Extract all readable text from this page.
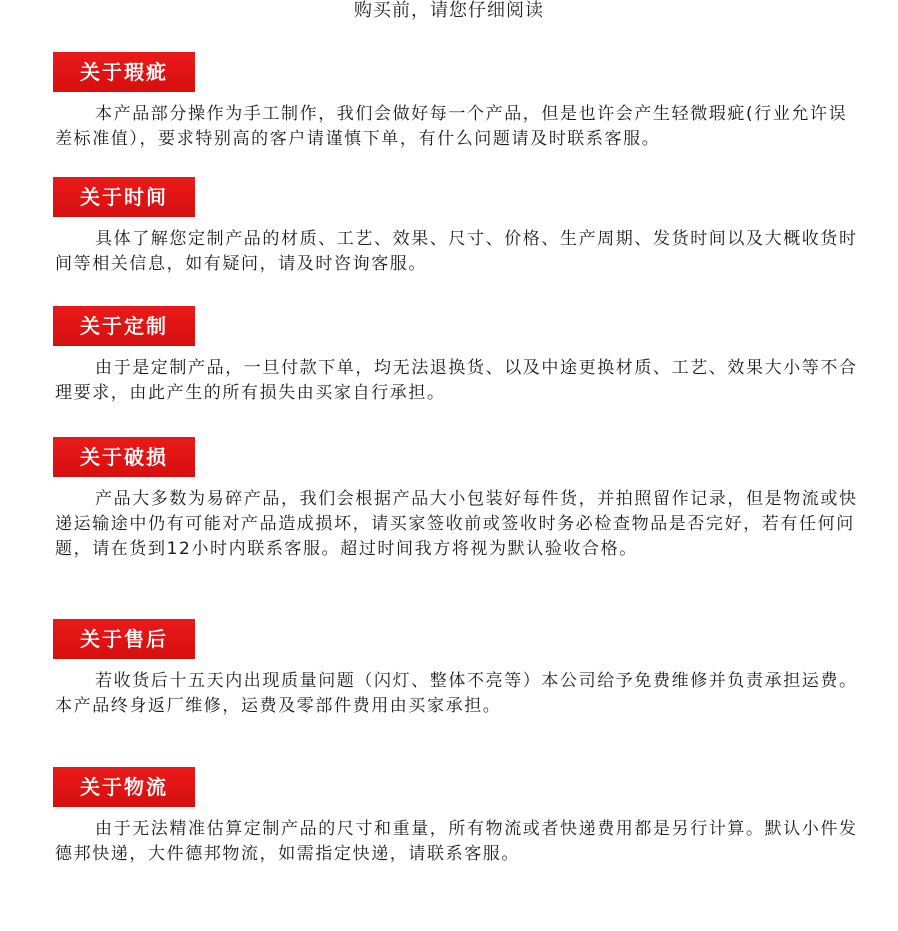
购买前，请您仔细阅读
关于瑕疵
本产品部分操作为手工制作，我们会做好每一个产品，但是也许会产生轻微瑕疵(行业允许误差标准值），要求特别高的客户请谨慎下单，有什么问题请及时联系客服。
关于时间
具体了解您定制产品的材质、工艺、效果、尺寸、价格、生产周期、发货时间以及大概收货时间等相关信息，如有疑问，请及时咨询客服。
关于定制
由于是定制产品，一旦付款下单，均无法退换货、以及中途更换材质、工艺、效果大小等不合理要求，由此产生的所有损失由买家自行承担。
关于破损
产品大多数为易碎产品，我们会根据产品大小包装好每件货，并拍照留作记录，但是物流或快递运输途中仍有可能对产品造成损坏，请买家签收前或签收时务必检查物品是否完好，若有任何问题，请在货到12小时内联系客服。超过时间我方将视为默认验收合格。
关于售后
若收货后十五天内出现质量问题（闪灯、整体不亮等）本公司给予免费维修并负责承担运费。本产品终身返厂维修，运费及零部件费用由买家承担。
关于物流
由于无法精准估算定制产品的尺寸和重量，所有物流或者快递费用都是另行计算。默认小件发德邦快递，大件德邦物流，如需指定快递，请联系客服。
